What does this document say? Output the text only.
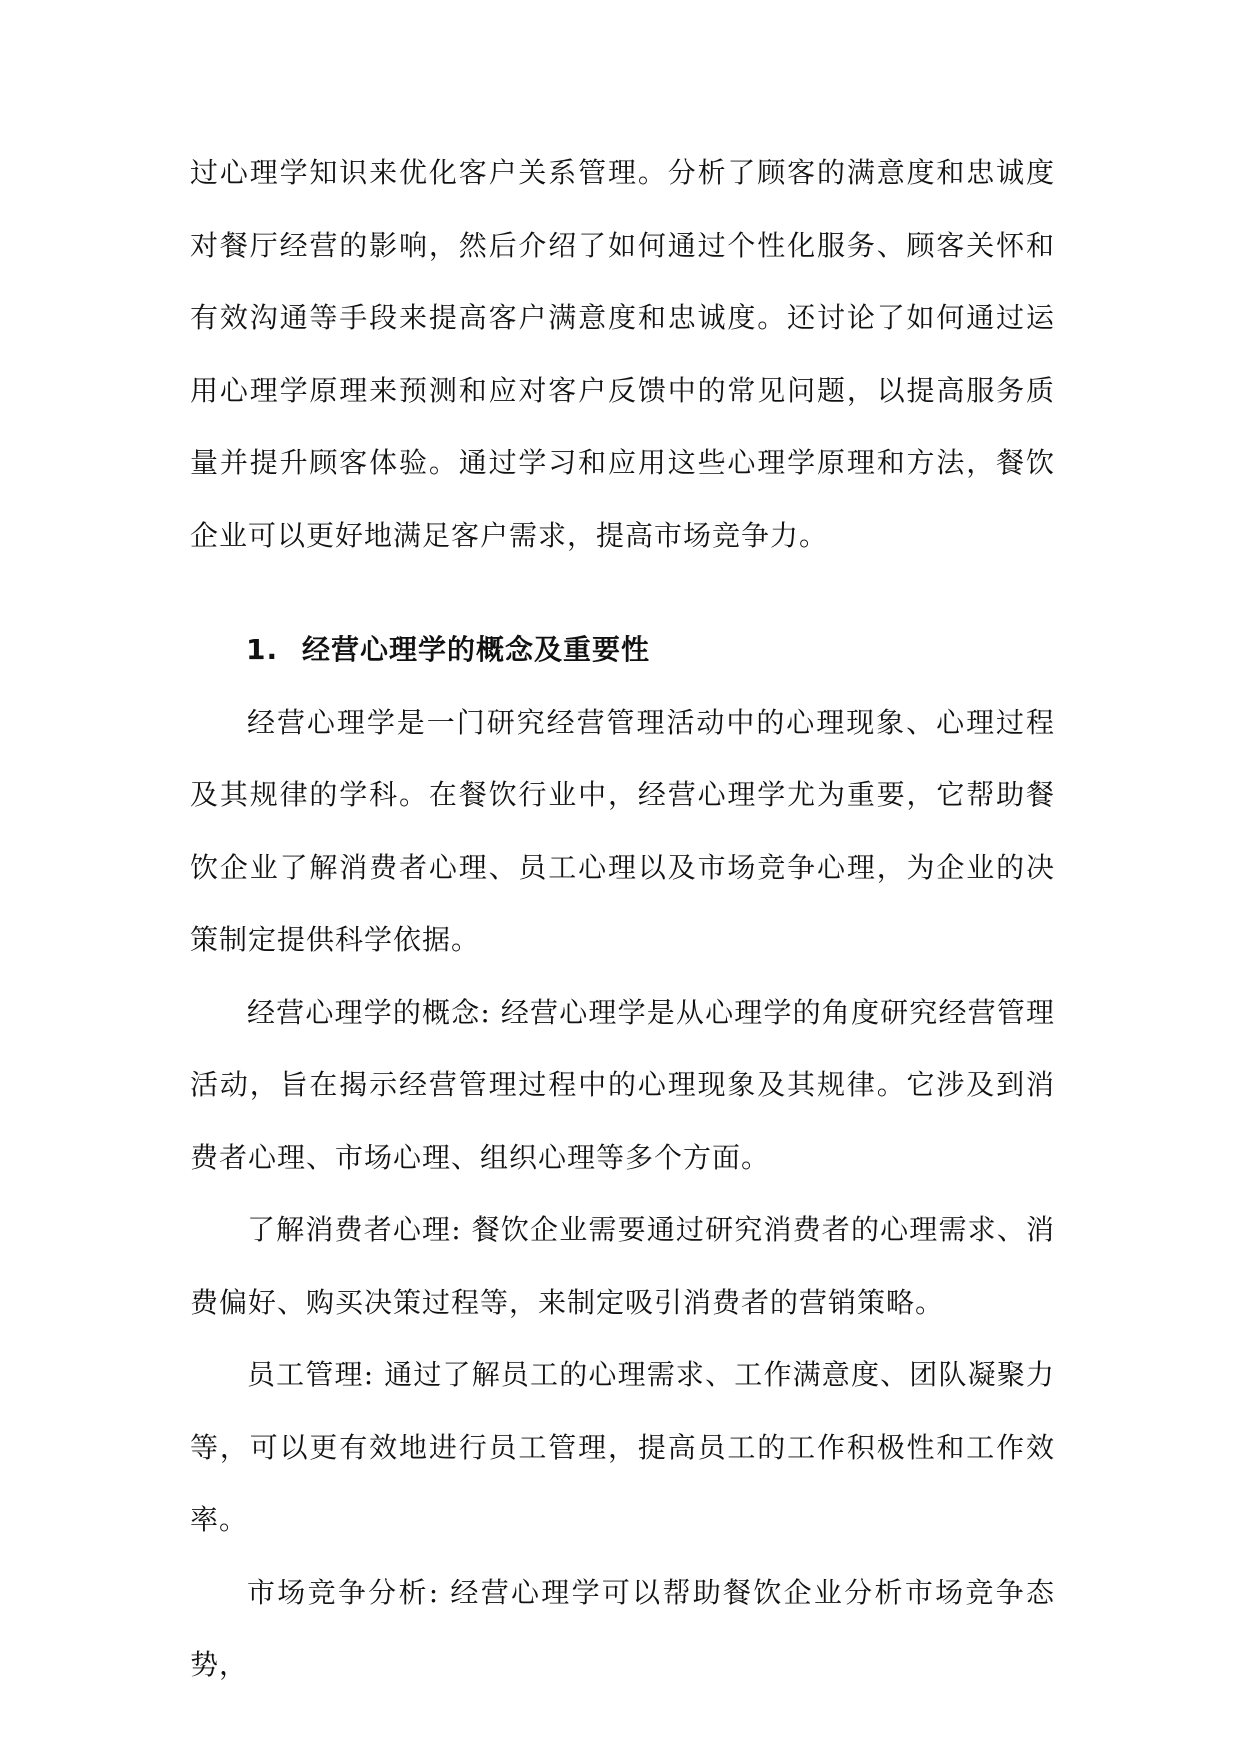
过心理学知识来优化客户关系管理。分析了顾客的满意度和忠诚度对餐厅经营的影响，然后介绍了如何通过个性化服务、顾客关怀和有效沟通等手段来提高客户满意度和忠诚度。还讨论了如何通过运用心理学原理来预测和应对客户反馈中的常见问题，以提高服务质量并提升顾客体验。通过学习和应用这些心理学原理和方法，餐饮企业可以更好地满足客户需求，提高市场竞争力。

1. 经营心理学的概念及重要性

经营心理学是一门研究经营管理活动中的心理现象、心理过程及其规律的学科。在餐饮行业中，经营心理学尤为重要，它帮助餐饮企业了解消费者心理、员工心理以及市场竞争心理，为企业的决策制定提供科学依据。

经营心理学的概念: 经营心理学是从心理学的角度研究经营管理活动，旨在揭示经营管理过程中的心理现象及其规律。它涉及到消费者心理、市场心理、组织心理等多个方面。

了解消费者心理: 餐饮企业需要通过研究消费者的心理需求、消费偏好、购买决策过程等，来制定吸引消费者的营销策略。

员工管理: 通过了解员工的心理需求、工作满意度、团队凝聚力等，可以更有效地进行员工管理，提高员工的工作积极性和工作效率。

市场竞争分析: 经营心理学可以帮助餐饮企业分析市场竞争态势，
